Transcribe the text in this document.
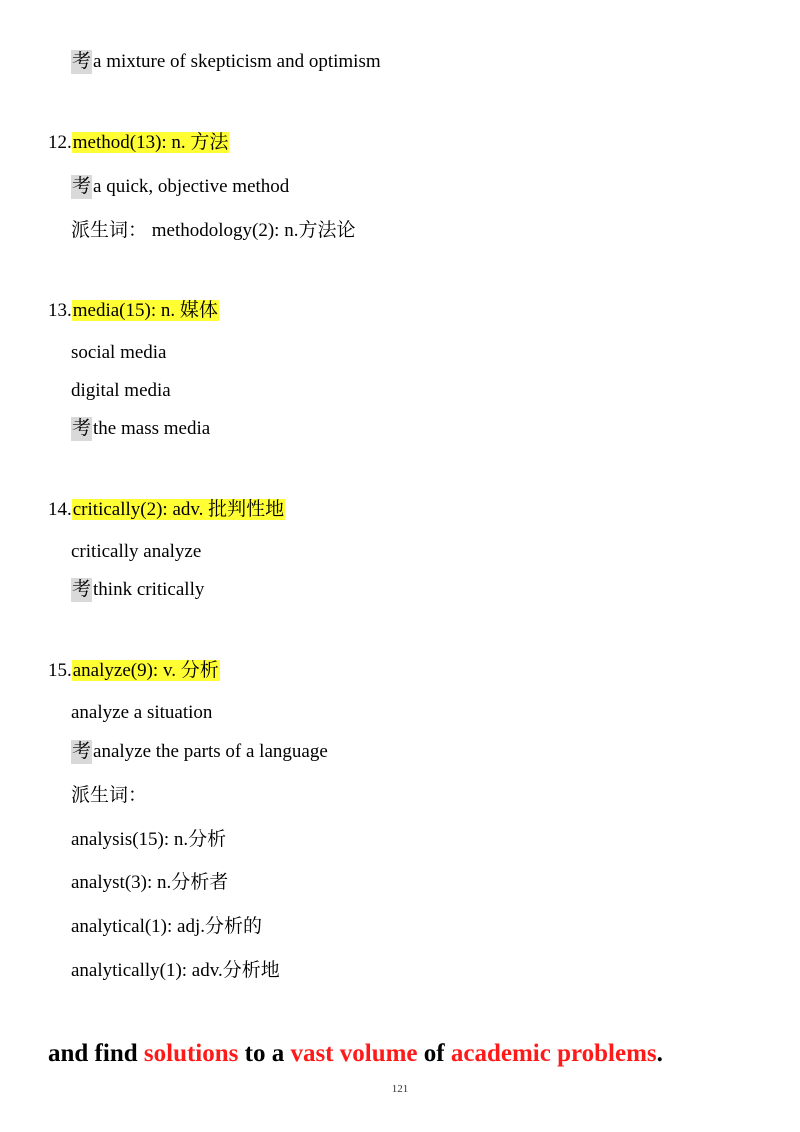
考 a mixture of skepticism and optimism
12.method(13): n. 方法
考 a quick, objective method
派生词： methodology(2): n.方法论
13.media(15): n. 媒体
social media
digital media
考 the mass media
14.critically(2): adv. 批判性地
critically analyze
考 think critically
15.analyze(9): v. 分析
analyze a situation
考 analyze the parts of a language
派生词：
analysis(15): n.分析
analyst(3): n.分析者
analytical(1): adj.分析的
analytically(1): adv.分析地
and find solutions to a vast volume of academic problems.
121
